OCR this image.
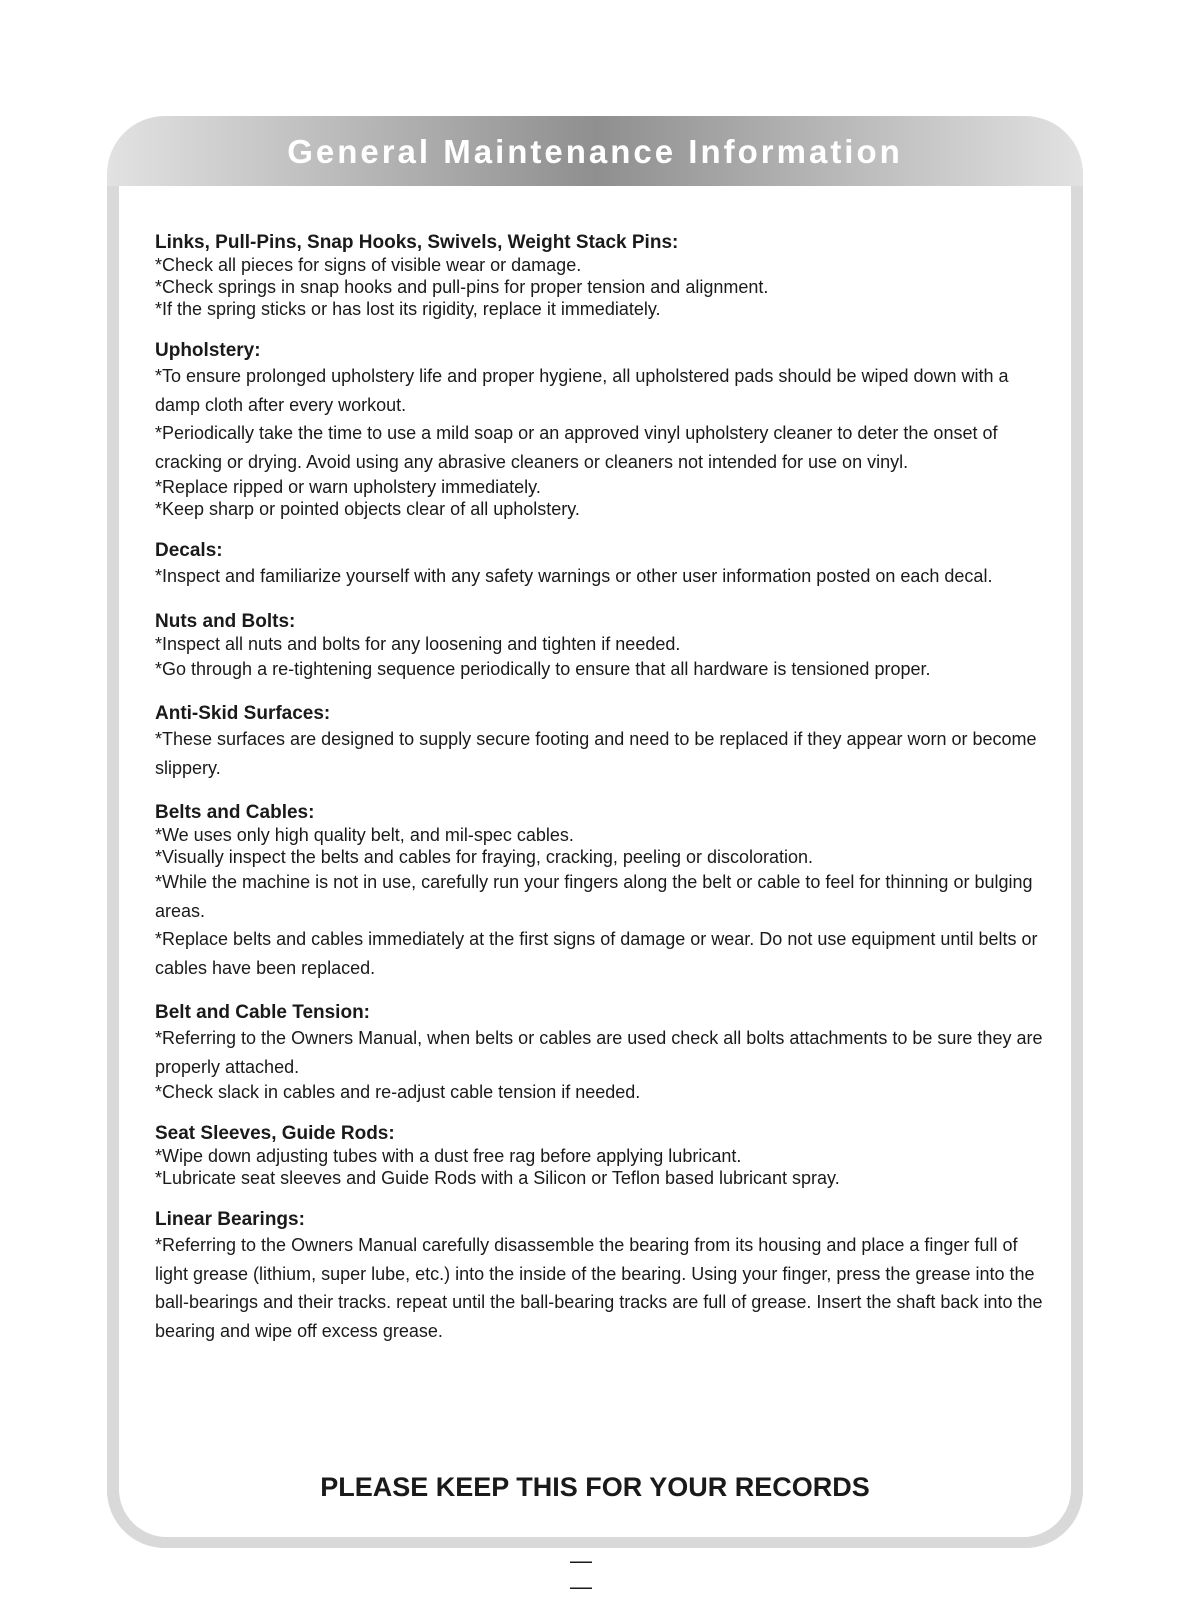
General Maintenance Information

Links, Pull-Pins, Snap Hooks, Swivels, Weight Stack Pins:

*Check all pieces for signs of visible wear or damage.

*Check springs in snap hooks and pull-pins for proper tension and alignment.

*If the spring sticks or has lost its rigidity, replace it immediately.

Upholstery:

*To ensure prolonged upholstery life and proper hygiene, all upholstered pads should be wiped down with a damp cloth after every workout.

*Periodically take the time to use a mild soap or an approved vinyl upholstery cleaner to deter the onset of cracking or drying. Avoid using any abrasive cleaners or cleaners not intended for use on vinyl.

*Replace ripped or warn upholstery immediately.

*Keep sharp or pointed objects clear of all upholstery.

Decals:

*Inspect and familiarize yourself with any safety warnings or other user information posted on each decal.

Nuts and Bolts:

*Inspect all nuts and bolts for any loosening and tighten if needed.

*Go through a re-tightening sequence periodically to ensure that all hardware is tensioned proper.

Anti-Skid Surfaces:

*These surfaces are designed to supply secure footing and need to be replaced if they appear worn or become slippery.

Belts and Cables:

*We uses only high quality belt, and mil-spec cables.

*Visually inspect the belts and cables for fraying, cracking, peeling or discoloration.

*While the machine is not in use, carefully run your fingers along the belt or cable to feel for thinning or bulging areas.

*Replace belts and cables immediately at the first signs of damage or wear. Do not use equipment until belts or cables have been replaced.

Belt and Cable Tension:

*Referring to the Owners Manual, when belts or cables are used check all bolts attachments to be sure they are properly attached.

*Check slack in cables and re-adjust cable tension if needed.

Seat Sleeves, Guide Rods:

*Wipe down adjusting tubes with a dust free rag before applying lubricant.

*Lubricate seat sleeves and Guide Rods with a Silicon or Teflon based lubricant spray.

Linear Bearings:

*Referring to the Owners Manual carefully disassemble the bearing from its housing and place a finger full of light grease (lithium, super lube, etc.) into the inside of the bearing. Using your finger, press the grease into the ball-bearings and their tracks. repeat until the ball-bearing tracks are full of grease. Insert the shaft back into the bearing and wipe off excess grease.

PLEASE KEEP THIS FOR YOUR RECORDS

— —
